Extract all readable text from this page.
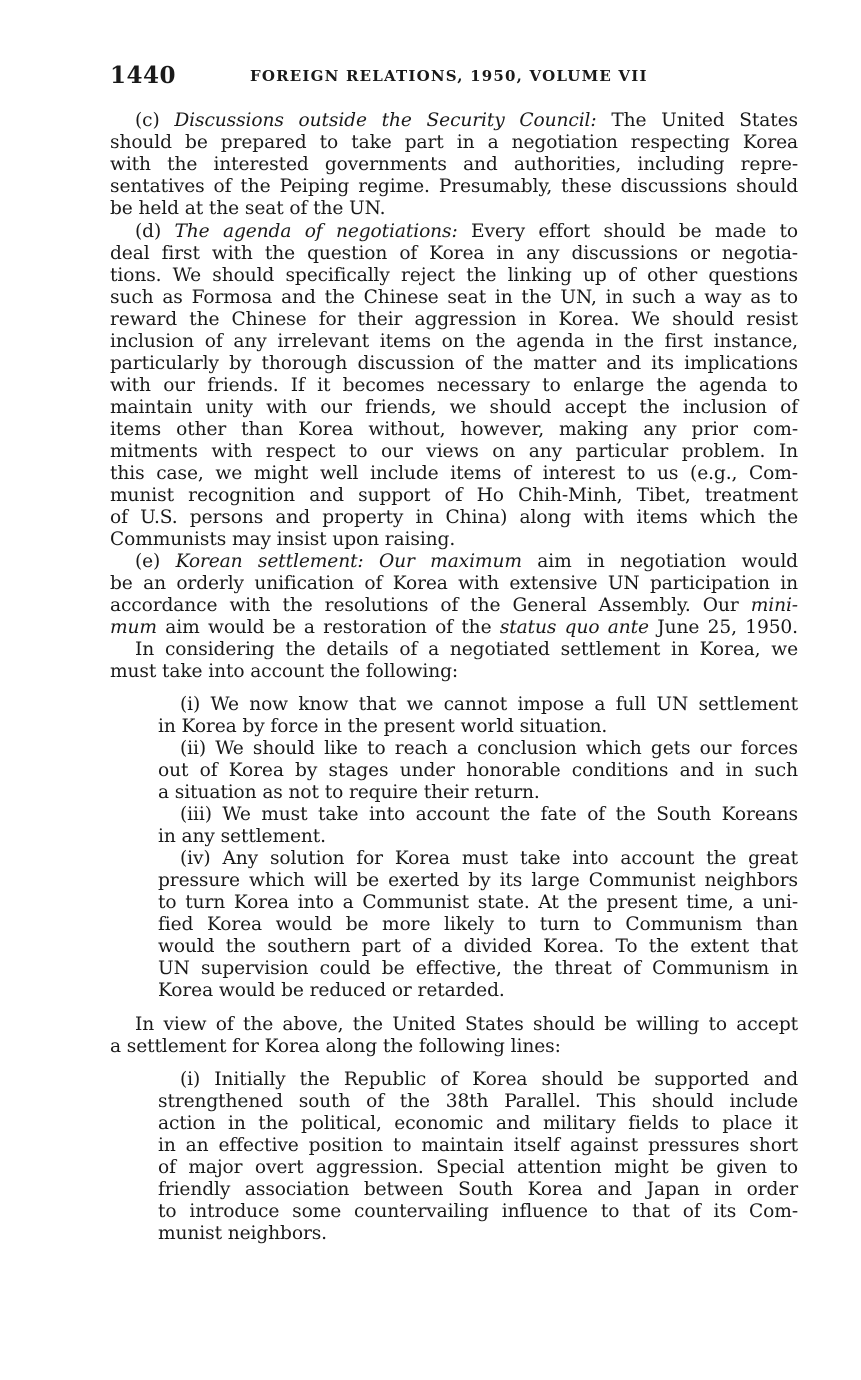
1440	FOREIGN RELATIONS, 1950, VOLUME VII
(c) Discussions outside the Security Council: The United States
should be prepared to take part in a negotiation respecting Korea
with the interested governments and authorities, including repre-
sentatives of the Peiping regime. Presumably, these discussions should
be held at the seat of the UN.
(d) The agenda of negotiations: Every effort should be made to
deal first with the question of Korea in any discussions or negotia-
tions. We should specifically reject the linking up of other questions
such as Formosa and the Chinese seat in the UN, in such a way as to
reward the Chinese for their aggression in Korea. We should resist
inclusion of any irrelevant items on the agenda in the first instance,
particularly by thorough discussion of the matter and its implications
with our friends. If it becomes necessary to enlarge the agenda to
maintain unity with our friends, we should accept the inclusion of
items other than Korea without, however, making any prior com-
mitments with respect to our views on any particular problem. In
this case, we might well include items of interest to us (e.g., Com-
munist recognition and support of Ho Chih-Minh, Tibet, treatment
of U.S. persons and property in China) along with items which the
Communists may insist upon raising.
(e) Korean settlement: Our maximum aim in negotiation would
be an orderly unification of Korea with extensive UN participation in
accordance with the resolutions of the General Assembly. Our mini-
mum aim would be a restoration of the status quo ante June 25, 1950.
In considering the details of a negotiated settlement in Korea, we
must take into account the following:
(i) We now know that we cannot impose a full UN settlement
in Korea by force in the present world situation.
(ii) We should like to reach a conclusion which gets our forces
out of Korea by stages under honorable conditions and in such
a situation as not to require their return.
(iii) We must take into account the fate of the South Koreans
in any settlement.
(iv) Any solution for Korea must take into account the great
pressure which will be exerted by its large Communist neighbors
to turn Korea into a Communist state. At the present time, a uni-
fied Korea would be more likely to turn to Communism than
would the southern part of a divided Korea. To the extent that
UN supervision could be effective, the threat of Communism in
Korea would be reduced or retarded.
In view of the above, the United States should be willing to accept
a settlement for Korea along the following lines:
(i) Initially the Republic of Korea should be supported and
strengthened south of the 38th Parallel. This should include
action in the political, economic and military fields to place it
in an effective position to maintain itself against pressures short
of major overt aggression. Special attention might be given to
friendly association between South Korea and Japan in order
to introduce some countervailing influence to that of its Com-
munist neighbors.
